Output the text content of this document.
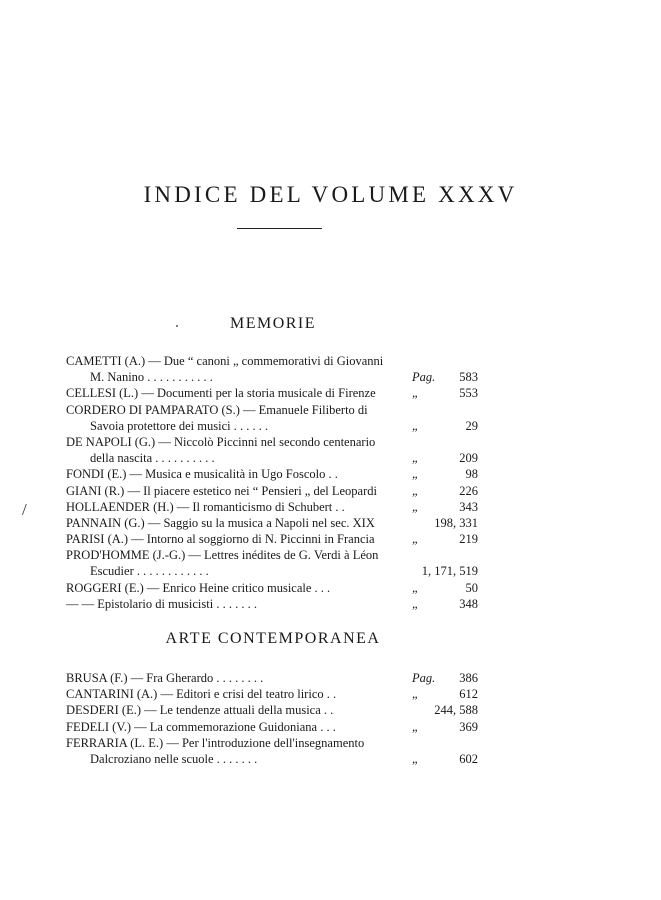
INDICE DEL VOLUME XXXV
/
MEMORIE
CAMETTI (A.) — Due “ canoni „ commemorativi di Giovanni
M. Nanino . . . . . . . . . . .	Pag. 583
CELLESI (L.) — Documenti per la storia musicale di Firenze	„	553
CORDERO DI PAMPARATO (S.) — Emanuele Filiberto di
Savoia protettore dei musici . . . . . .	„	29
DE NAPOLI (G.) — Niccolò Piccinni nel secondo centenario
della nascita . . . . . . . . . .	„	209
FONDI (E.) — Musica e musicalità in Ugo Foscolo . .	„	98
GIANI (R.) — Il piacere estetico nei “ Pensieri „ del Leopardi	„	226
HOLLAENDER (H.) — Il romanticismo di Schubert . .	„	343
PANNAIN (G.) — Saggio su la musica a Napoli nel sec. XIX	198, 331
PARISI (A.) — Intorno al soggiorno di N. Piccinni in Francia	„	219
PROD'HOMME (J.-G.) — Lettres inédites de G. Verdi à Léon
Escudier . . . . . . . . . . . .	1, 171, 519
ROGGERI (E.) — Enrico Heine critico musicale . . .	„	50
— — Epistolario di musicisti . . . . . . .	„	348
ARTE CONTEMPORANEA
BRUSA (F.) — Fra Gherardo . . . . . . . .	Pag. 386
CANTARINI (A.) — Editori e crisi del teatro lirico . .	„	612
DESDERI (E.) — Le tendenze attuali della musica . .	244, 588
FEDELI (V.) — La commemorazione Guidoniana . . .	„	369
FERRARIA (L. E.) — Per l'introduzione dell'insegnamento
Dalcroziano nelle scuole . . . . . . .	„	602
